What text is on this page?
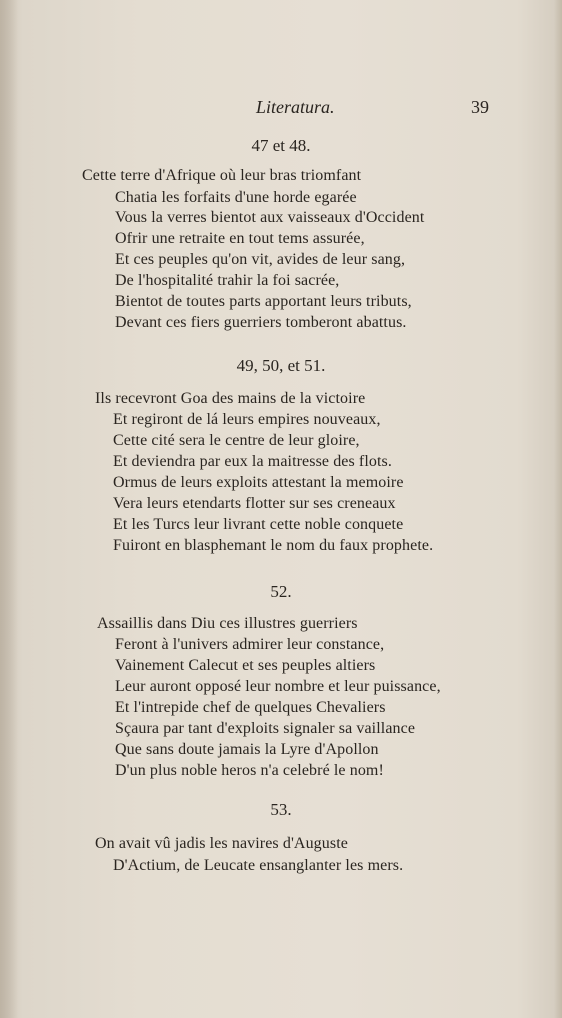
Literatura.	39
47 et 48.
Cette terre d'Afrique où leur bras triomfant
Chatia les forfaits d'une horde egarée
Vous la verres bientot aux vaisseaux d'Occident
Ofrir une retraite en tout tems assurée,
Et ces peuples qu'on vit, avides de leur sang,
De l'hospitalité trahir la foi sacrée,
Bientot de toutes parts apportant leurs tributs,
Devant ces fiers guerriers tomberont abattus.
49, 50, et 51.
Ils recevront Goa des mains de la victoire
Et regiront de lá leurs empires nouveaux,
Cette cité sera le centre de leur gloire,
Et deviendra par eux la maitresse des flots.
Ormus de leurs exploits attestant la memoire
Vera leurs etendarts flotter sur ses creneaux
Et les Turcs leur livrant cette noble conquete
Fuiront en blasphemant le nom du faux prophete.
52.
Assaillis dans Diu ces illustres guerriers
Feront à l'univers admirer leur constance,
Vainement Calecut et ses peuples altiers
Leur auront opposé leur nombre et leur puissance,
Et l'intrepide chef de quelques Chevaliers
Sçaura par tant d'exploits signaler sa vaillance
Que sans doute jamais la Lyre d'Apollon
D'un plus noble heros n'a celebré le nom!
53.
On avait vû jadis les navires d'Auguste
D'Actium, de Leucate ensanglanter les mers.
